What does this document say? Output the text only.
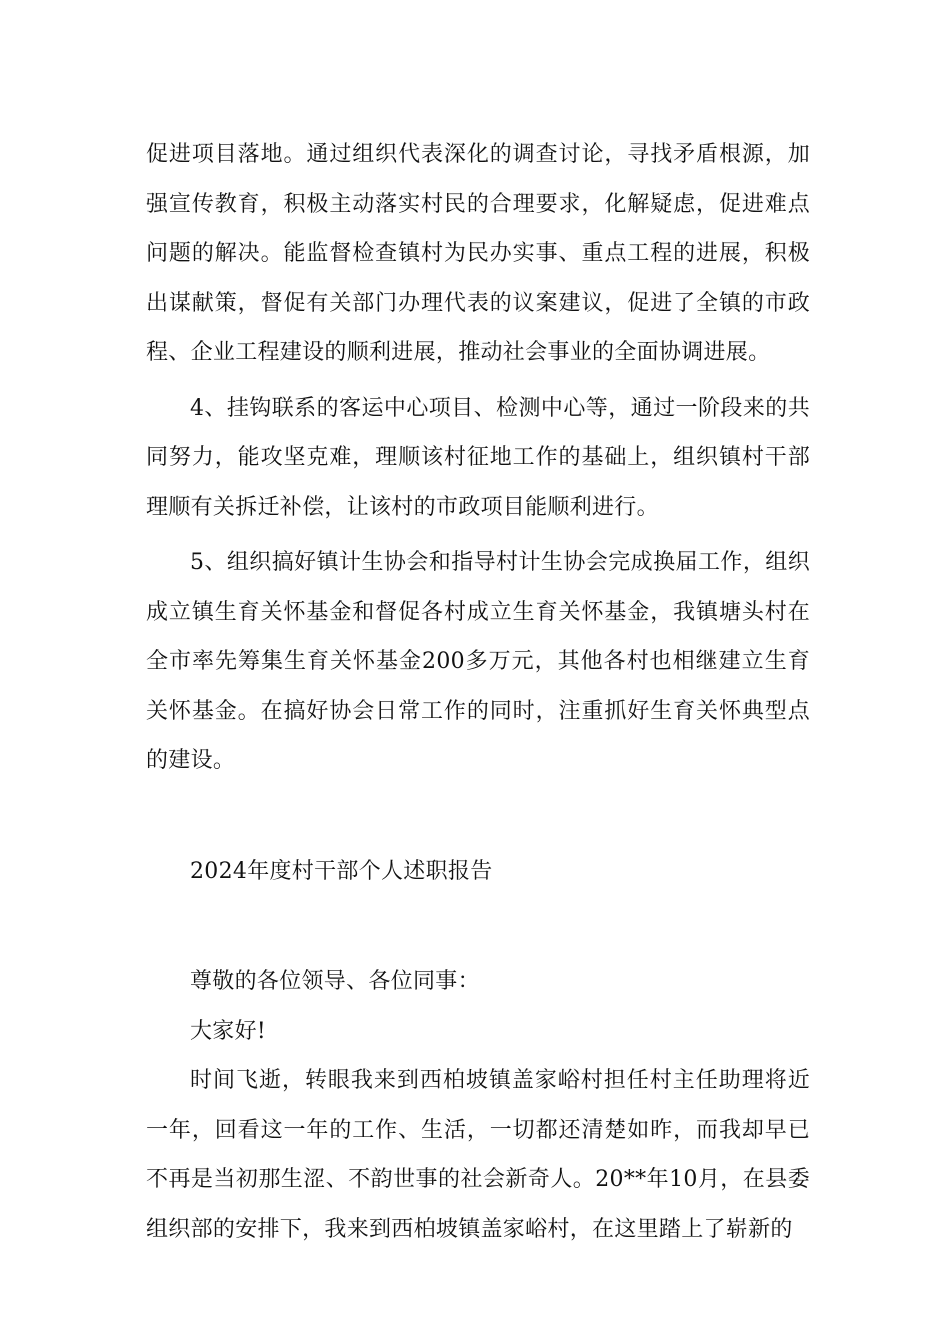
促进项目落地。通过组织代表深化的调查讨论，寻找矛盾根源，加强宣传教育，积极主动落实村民的合理要求，化解疑虑，促进难点问题的解决。能监督检查镇村为民办实事、重点工程的进展，积极出谋献策，督促有关部门办理代表的议案建议，促进了全镇的市政程、企业工程建设的顺利进展，推动社会事业的全面协调进展。

4、挂钩联系的客运中心项目、检测中心等，通过一阶段来的共同努力，能攻坚克难，理顺该村征地工作的基础上，组织镇村干部理顺有关拆迁补偿，让该村的市政项目能顺利进行。

5、组织搞好镇计生协会和指导村计生协会完成换届工作，组织成立镇生育关怀基金和督促各村成立生育关怀基金，我镇塘头村在全市率先筹集生育关怀基金200多万元，其他各村也相继建立生育关怀基金。在搞好协会日常工作的同时，注重抓好生育关怀典型点的建设。

2024年度村干部个人述职报告

尊敬的各位领导、各位同事：

大家好!

时间飞逝，转眼我来到西柏坡镇盖家峪村担任村主任助理将近一年，回看这一年的工作、生活，一切都还清楚如昨，而我却早已不再是当初那生涩、不韵世事的社会新奇人。20**年10月，在县委组织部的安排下，我来到西柏坡镇盖家峪村，在这里踏上了崭新的
